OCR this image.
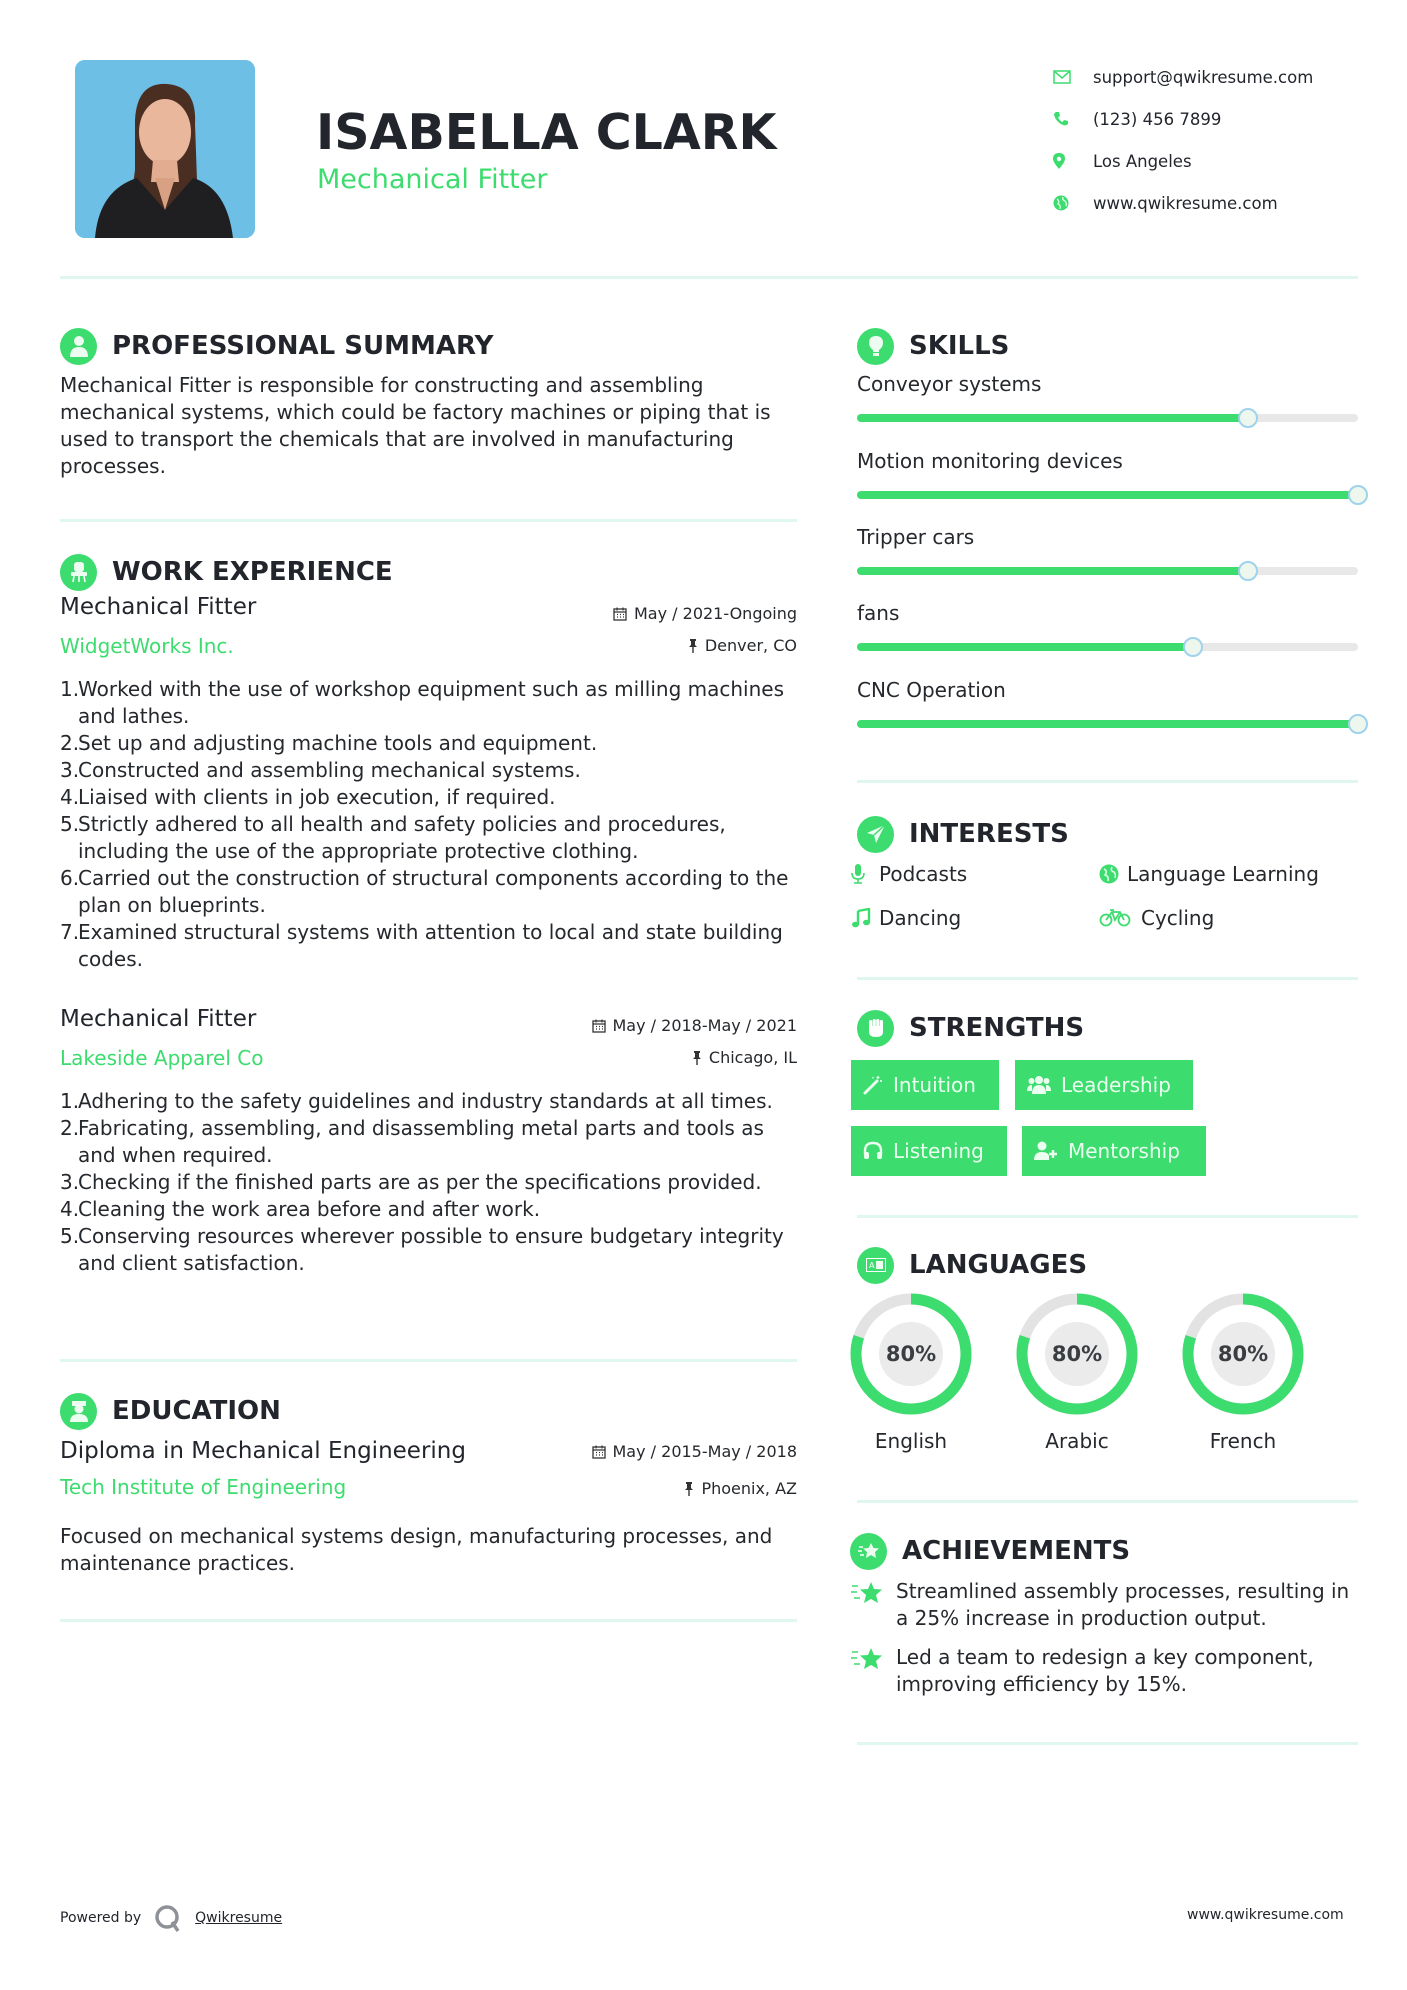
ISABELLA CLARK
Mechanical Fitter
support@qwikresume.com
(123) 456 7899
Los Angeles
www.qwikresume.com
PROFESSIONAL SUMMARY
Mechanical Fitter is responsible for constructing and assembling mechanical systems, which could be factory machines or piping that is used to transport the chemicals that are involved in manufacturing processes.
WORK EXPERIENCE
Mechanical Fitter
WidgetWorks Inc.
May / 2021-Ongoing
Denver, CO
1.
Worked with the use of workshop equipment such as milling machines and lathes.
2.
Set up and adjusting machine tools and equipment.
3.
Constructed and assembling mechanical systems.
4.
Liaised with clients in job execution, if required.
5.
Strictly adhered to all health and safety policies and procedures, including the use of the appropriate protective clothing.
6.
Carried out the construction of structural components according to the plan on blueprints.
7.
Examined structural systems with attention to local and state building codes.
Mechanical Fitter
Lakeside Apparel Co
May / 2018-May / 2021
Chicago, IL
1.
Adhering to the safety guidelines and industry standards at all times.
2.
Fabricating, assembling, and disassembling metal parts and tools as and when required.
3.
Checking if the finished parts are as per the specifications provided.
4.
Cleaning the work area before and after work.
5.
Conserving resources wherever possible to ensure budgetary integrity and client satisfaction.
EDUCATION
Diploma in Mechanical Engineering
Tech Institute of Engineering
May / 2015-May / 2018
Phoenix, AZ
Focused on mechanical systems design, manufacturing processes, and maintenance practices.
SKILLS
Conveyor systems
Motion monitoring devices
Tripper cars
fans
CNC Operation
INTERESTS
Podcasts	Language Learning
Dancing	Cycling
STRENGTHS
Intuition	Leadership
Listening	Mentorship
A LANGUAGES
80%
English
80%
Arabic
80%
French
ACHIEVEMENTS
Streamlined assembly processes, resulting in a 25% increase in production output.
Led a team to redesign a key component, improving efficiency by 15%.
Powered by	Qwikresume	www.qwikresume.com
